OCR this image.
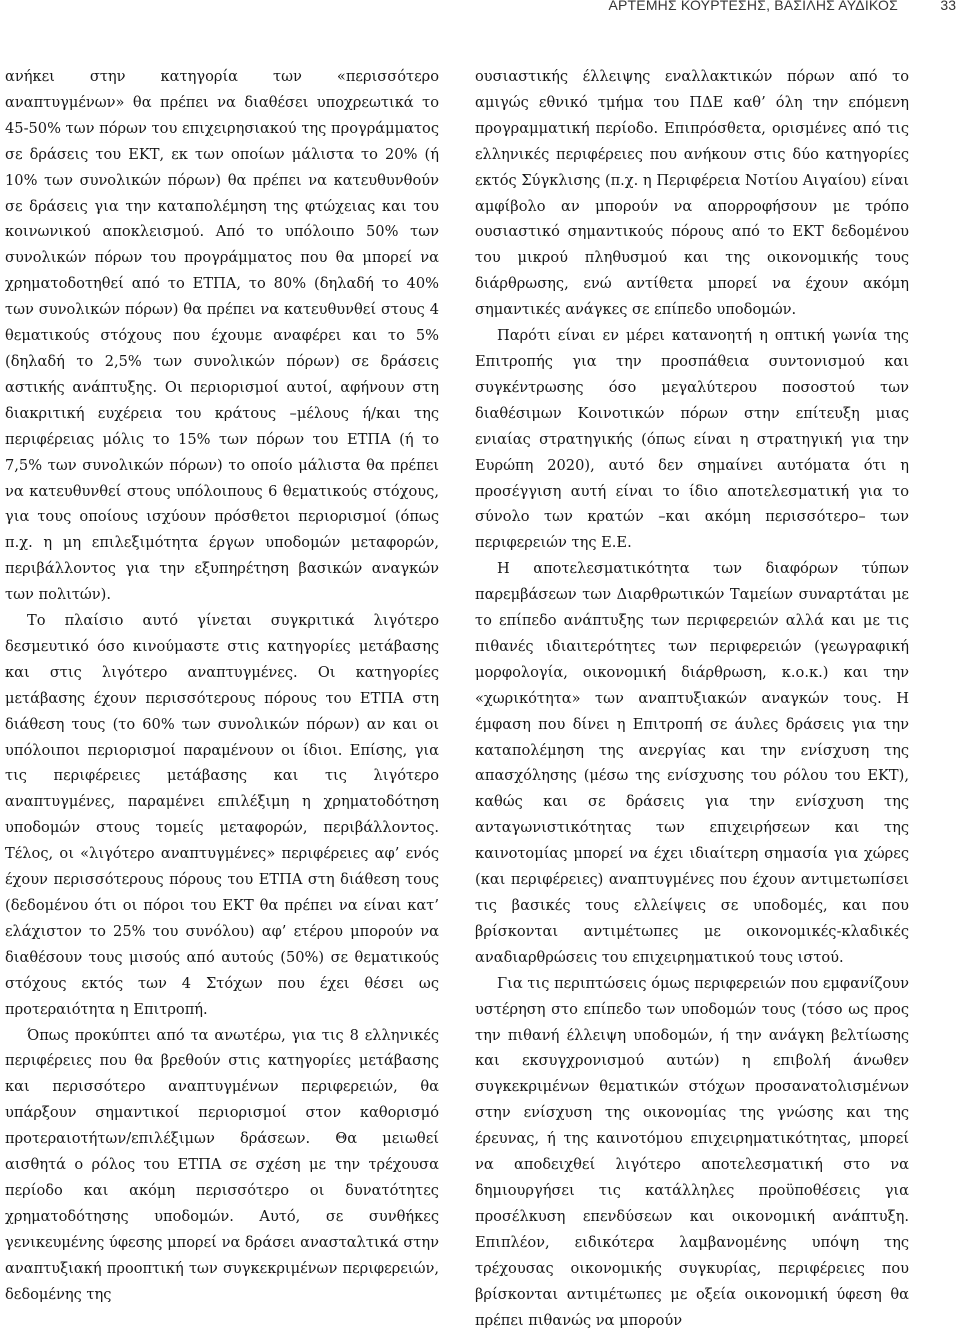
ΑΡΤΕΜΗΣ ΚΟΥΡΤΕΣΗΣ, ΒΑΣΙΛΗΣ ΑΥΔΙΚΟΣ	33

ανήκει στην κατηγορία των «περισσότερο αναπτυγμένων» θα πρέπει να διαθέσει υποχρεωτικά το 45-50% των πόρων του επιχειρησιακού της προγράμματος σε δράσεις του ΕΚΤ, εκ των οποίων μάλιστα το 20% (ή 10% των συνολικών πόρων) θα πρέπει να κατευθυνθούν σε δράσεις για την καταπολέμηση της φτώχειας και του κοινωνικού αποκλεισμού. Από το υπόλοιπο 50% των συνολικών πόρων του προγράμματος που θα μπορεί να χρηματοδοτηθεί από το ΕΤΠΑ, το 80% (δηλαδή το 40% των συνολικών πόρων) θα πρέπει να κατευθυνθεί στους 4 θεματικούς στόχους που έχουμε αναφέρει και το 5% (δηλαδή το 2,5% των συνολικών πόρων) σε δράσεις αστικής ανάπτυξης. Οι περιορισμοί αυτοί, αφήνουν στη διακριτική ευχέρεια του κράτους –μέλους ή/και της περιφέρειας μόλις το 15% των πόρων του ΕΤΠΑ (ή το 7,5% των συνολικών πόρων) το οποίο μάλιστα θα πρέπει να κατευθυνθεί στους υπόλοιπους 6 θεματικούς στόχους, για τους οποίους ισχύουν πρόσθετοι περιορισμοί (όπως π.χ. η μη επιλεξιμότητα έργων υποδομών μεταφορών, περιβάλλοντος για την εξυπηρέτηση βασικών αναγκών των πολιτών).

Το πλαίσιο αυτό γίνεται συγκριτικά λιγότερο δεσμευτικό όσο κινούμαστε στις κατηγορίες μετάβασης και στις λιγότερο αναπτυγμένες. Οι κατηγορίες μετάβασης έχουν περισσότερους πόρους του ΕΤΠΑ στη διάθεση τους (το 60% των συνολικών πόρων) αν και οι υπόλοιποι περιορισμοί παραμένουν οι ίδιοι. Επίσης, για τις περιφέρειες μετάβασης και τις λιγότερο αναπτυγμένες, παραμένει επιλέξιμη η χρηματοδότηση υποδομών στους τομείς μεταφορών, περιβάλλοντος. Τέλος, οι «λιγότερο αναπτυγμένες» περιφέρειες αφ’ ενός έχουν περισσότερους πόρους του ΕΤΠΑ στη διάθεση τους (δεδομένου ότι οι πόροι του ΕΚΤ θα πρέπει να είναι κατ’ ελάχιστον το 25% του συνόλου) αφ’ ετέρου μπορούν να διαθέσουν τους μισούς από αυτούς (50%) σε θεματικούς στόχους εκτός των 4 Στόχων που έχει θέσει ως προτεραιότητα η Επιτροπή.

Όπως προκύπτει από τα ανωτέρω, για τις 8 ελληνικές περιφέρειες που θα βρεθούν στις κατηγορίες μετάβασης και περισσότερο αναπτυγμένων περιφερειών, θα υπάρξουν σημαντικοί περιορισμοί στον καθορισμό προτεραιοτήτων/επιλέξιμων δράσεων. Θα μειωθεί αισθητά ο ρόλος του ΕΤΠΑ σε σχέση με την τρέχουσα περίοδο και ακόμη περισσότερο οι δυνατότητες χρηματοδότησης υποδομών. Αυτό, σε συνθήκες γενικευμένης ύφεσης μπορεί να δράσει ανασταλτικά στην αναπτυξιακή προοπτική των συγκεκριμένων περιφερειών, δεδομένης της

ουσιαστικής έλλειψης εναλλακτικών πόρων από το αμιγώς εθνικό τμήμα του ΠΔΕ καθ’ όλη την επόμενη προγραμματική περίοδο. Επιπρόσθετα, ορισμένες από τις ελληνικές περιφέρειες που ανήκουν στις δύο κατηγορίες εκτός Σύγκλισης (π.χ. η Περιφέρεια Νοτίου Αιγαίου) είναι αμφίβολο αν μπορούν να απορροφήσουν με τρόπο ουσιαστικό σημαντικούς πόρους από το ΕΚΤ δεδομένου του μικρού πληθυσμού και της οικονομικής τους διάρθρωσης, ενώ αντίθετα μπορεί να έχουν ακόμη σημαντικές ανάγκες σε επίπεδο υποδομών.

Παρότι είναι εν μέρει κατανοητή η οπτική γωνία της Επιτροπής για την προσπάθεια συντονισμού και συγκέντρωσης όσο μεγαλύτερου ποσοστού των διαθέσιμων Κοινοτικών πόρων στην επίτευξη μιας ενιαίας στρατηγικής (όπως είναι η στρατηγική για την Ευρώπη 2020), αυτό δεν σημαίνει αυτόματα ότι η προσέγγιση αυτή είναι το ίδιο αποτελεσματική για το σύνολο των κρατών –και ακόμη περισσότερο– των περιφερειών της Ε.Ε.

Η αποτελεσματικότητα των διαφόρων τύπων παρεμβάσεων των Διαρθρωτικών Ταμείων συναρτάται με το επίπεδο ανάπτυξης των περιφερειών αλλά και με τις πιθανές ιδιαιτερότητες των περιφερειών (γεωγραφική μορφολογία, οικονομική διάρθρωση, κ.ο.κ.) και την «χωρικότητα» των αναπτυξιακών αναγκών τους. Η έμφαση που δίνει η Επιτροπή σε άυλες δράσεις για την καταπολέμηση της ανεργίας και την ενίσχυση της απασχόλησης (μέσω της ενίσχυσης του ρόλου του ΕΚΤ), καθώς και σε δράσεις για την ενίσχυση της ανταγωνιστικότητας των επιχειρήσεων και της καινοτομίας μπορεί να έχει ιδιαίτερη σημασία για χώρες (και περιφέρειες) αναπτυγμένες που έχουν αντιμετωπίσει τις βασικές τους ελλείψεις σε υποδομές, και που βρίσκονται αντιμέτωπες με οικονομικές-κλαδικές αναδιαρθρώσεις του επιχειρηματικού τους ιστού.

Για τις περιπτώσεις όμως περιφερειών που εμφανίζουν υστέρηση στο επίπεδο των υποδομών τους (τόσο ως προς την πιθανή έλλειψη υποδομών, ή την ανάγκη βελτίωσης και εκσυγχρονισμού αυτών) η επιβολή άνωθεν συγκεκριμένων θεματικών στόχων προσανατολισμένων στην ενίσχυση της οικονομίας της γνώσης και της έρευνας, ή της καινοτόμου επιχειρηματικότητας, μπορεί να αποδειχθεί λιγότερο αποτελεσματική στο να δημιουργήσει τις κατάλληλες προϋποθέσεις για προσέλκυση επενδύσεων και οικονομική ανάπτυξη. Επιπλέον, ειδικότερα λαμβανομένης υπόψη της τρέχουσας οικονομικής συγκυρίας, περιφέρειες που βρίσκονται αντιμέτωπες με οξεία οικονομική ύφεση θα πρέπει πιθανώς να μπορούν
